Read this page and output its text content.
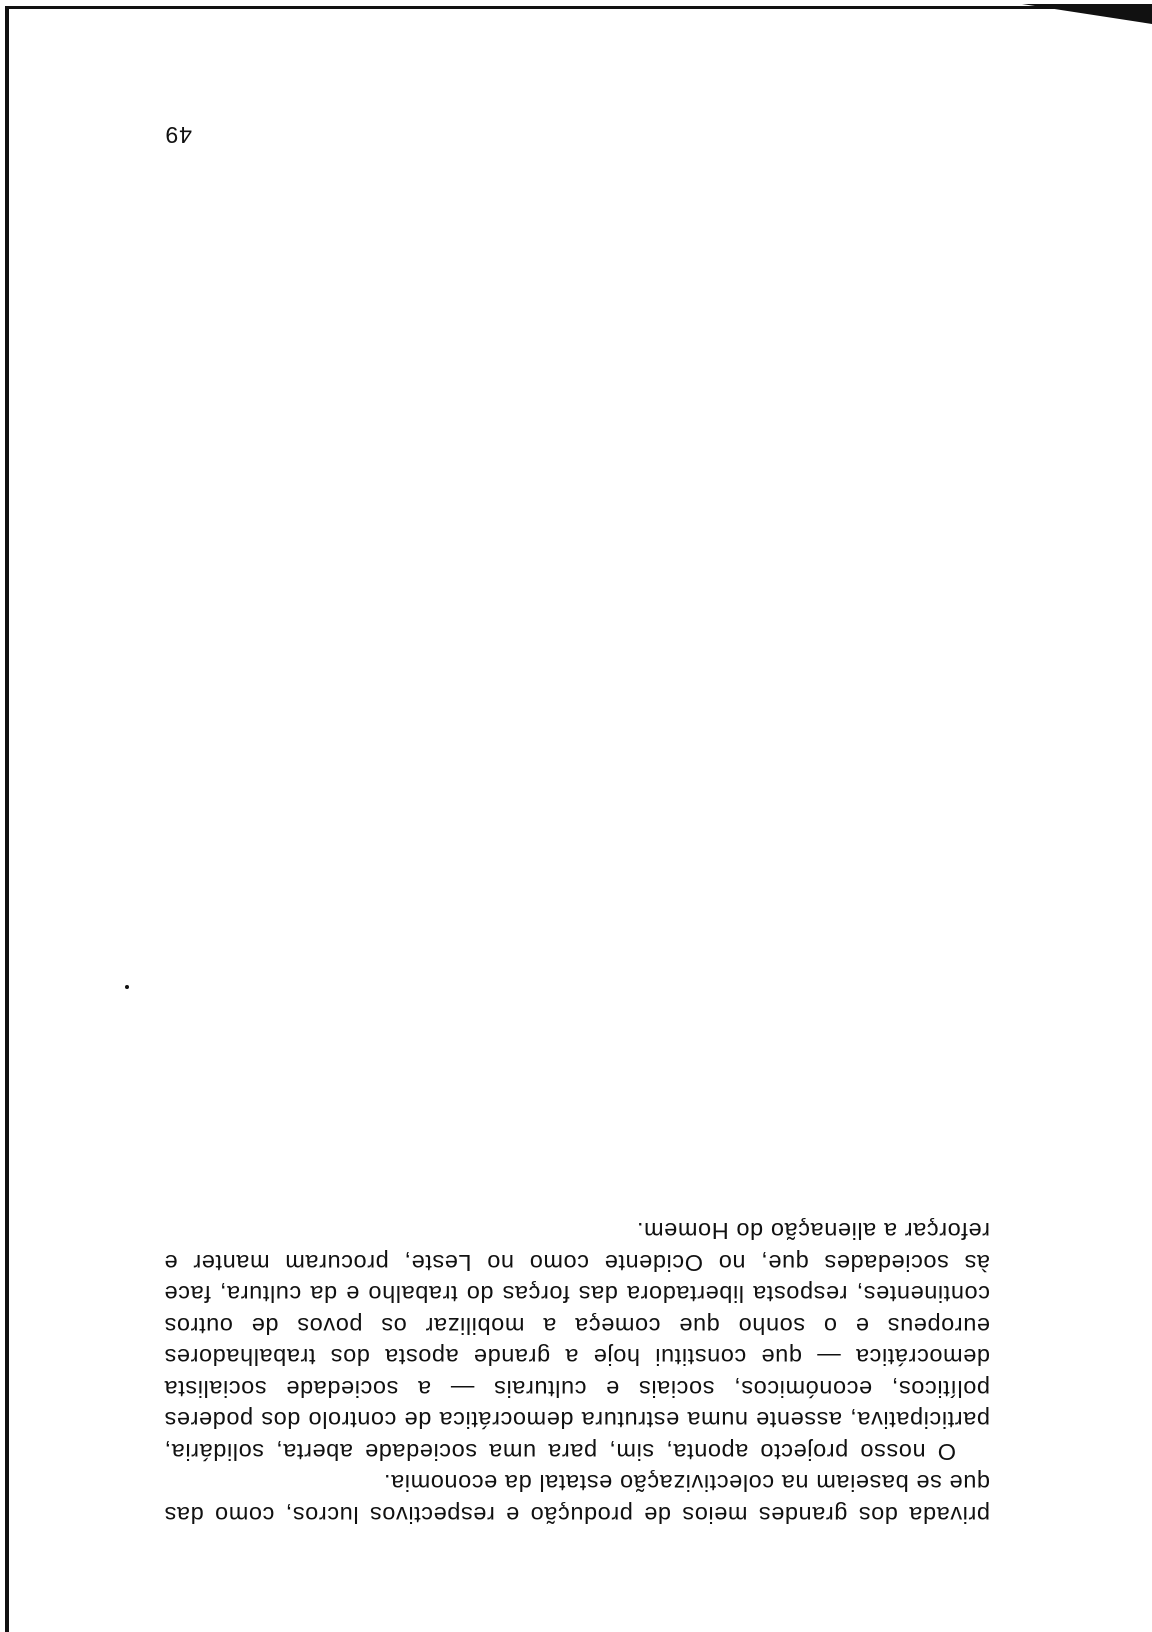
privada dos grandes meios de produção e respectivos lucros, como das que se baseiam na colectivização estatal da economia.

O nosso projecto aponta, sim, para uma sociedade aberta, solidária, participativa, assente numa estrutura democrática de controlo dos poderes políticos, económicos, sociais e culturais — a sociedade socialista democrática — que constitui hoje a grande aposta dos trabalhadores europeus e o sonho que começa a mobilizar os povos de outros continentes, resposta libertadora das forças do trabalho e da cultura, face às sociedades que, no Ocidente como no Leste, procuram manter e reforçar a alienação do Homem.

49
